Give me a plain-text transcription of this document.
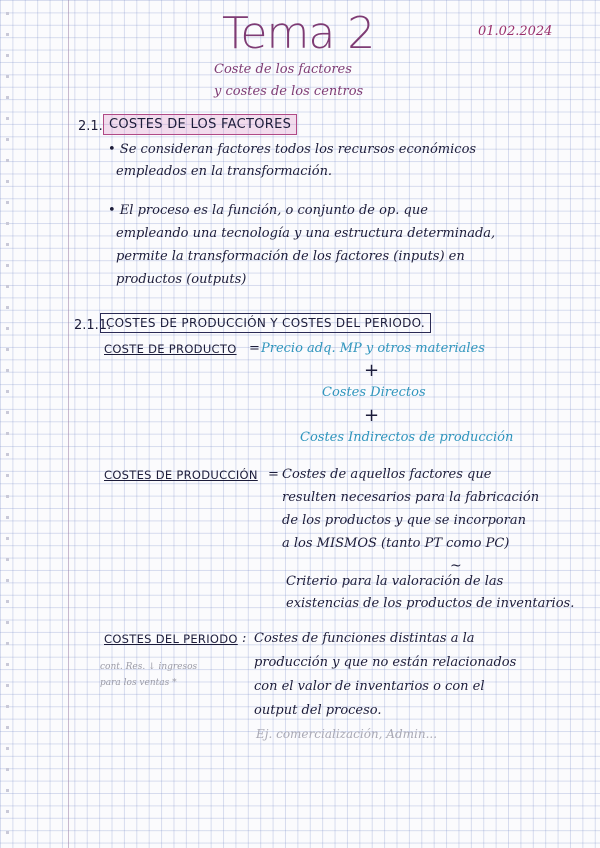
Tema 2	01.02.2024
Coste de los factores
y costes de los centros
2.1. COSTES DE LOS FACTORES
• Se consideran factores todos los recursos económicos
empleados en la transformación.
• El proceso es la función, o conjunto de op. que
empleando una tecnología y una estructura determinada,
permite la transformación de los factores (inputs) en
productos (outputs)
2.1.1.
COSTES DE PRODUCCIÓN Y COSTES DEL PERIODO.
COSTE DE PRODUCTO = Precio adq. MP y otros materiales
+
Costes Directos
+
Costes Indirectos de producción
COSTES DE PRODUCCIÓN = Costes de aquellos factores que
resulten necesarios para la fabricación
de los productos y que se incorporan
a los MISMOS (tanto PT como PC)
~
Criterio para la valoración de las
existencias de los productos de inventarios.
COSTES DEL PERIODO : Costes de funciones distintas a la
producción y que no están relacionados
con el valor de inventarios o con el
output del proceso.
cont. Res. ↓ ingresos
para los ventas *
Ej. comercialización, Admin...
